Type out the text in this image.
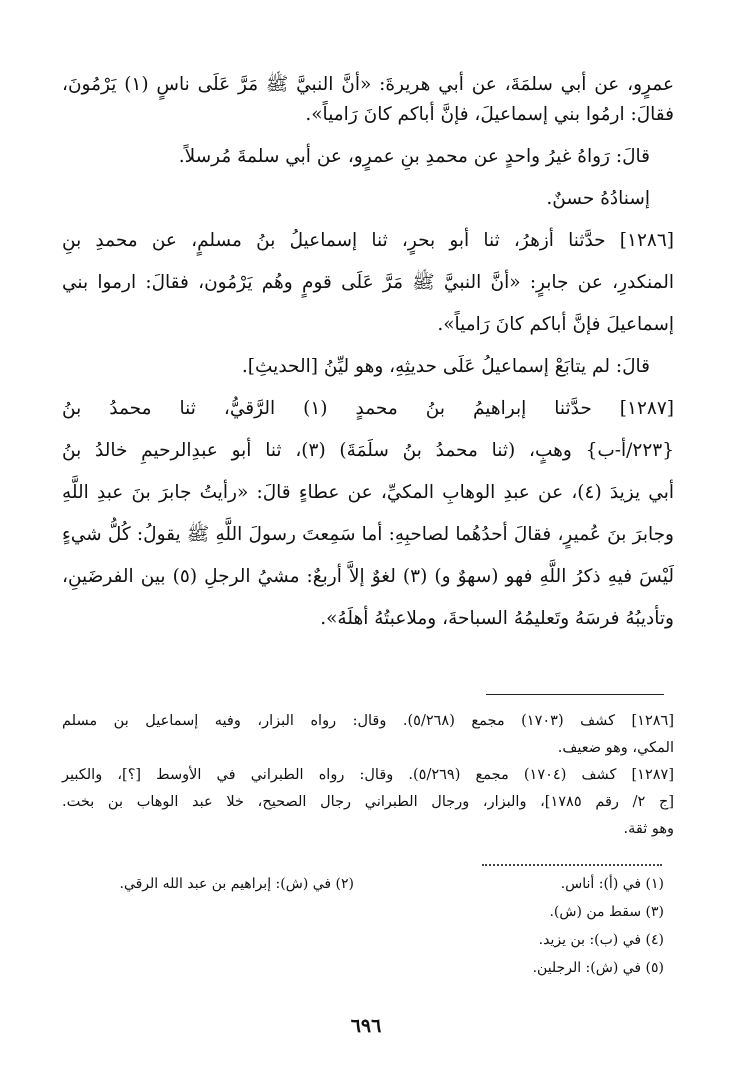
عمرٍو، عن أبي سلمَةَ، عن أبي هريرةَ: «أنَّ النبيَّ ﷺ مَرَّ عَلَى ناسٍ (١) يَرْمُونَ،
فقالَ: ارمُوا بني إسماعيلَ، فإنَّ أباكم كانَ رَامياً».
قالَ: رَواهُ غيرُ واحدٍ عن محمدِ بنِ عمرٍو، عن أبي سلمةَ مُرسلاً.
إسنادُهُ حسنٌ.
[١٢٨٦] حدَّثنا أزهرُ، ثنا أبو بحرٍ، ثنا إسماعيلُ بنُ مسلمٍ، عن محمدِ بنِ
المنكدرِ، عن جابرٍ: «أنَّ النبيَّ ﷺ مَرَّ عَلَى قومٍ وهُم يَرْمُون، فقالَ: ارموا بني
إسماعيلَ فإنَّ أباكم كانَ رَامياً».
قالَ: لم يتابَعْ إسماعيلُ عَلَى حديثِهِ، وهو ليِّنُ [الحديثِ].
[١٢٨٧] حدَّثنا إبراهيمُ بنُ محمدٍ (١) الرَّقيُّ، ثنا محمدُ بنُ
{٢٢٣/أ-ب} وهبٍ، (ثنا محمدُ بنُ سلَمَةَ) (٣)، ثنا أبو عبدِالرحيمِ خالدُ بنُ
أبي يزيدَ (٤)، عن عبدِ الوهابِ المكيِّ، عن عطاءٍ قالَ: «رأيتُ جابرَ بنَ عبدِ اللَّهِ
وجابرَ بنَ عُميرٍ، فقالَ أحدُهُما لصاحبِهِ: أما سَمِعتَ رسولَ اللَّهِ ﷺ يقولُ: كُلُّ شيءٍ
لَيْسَ فيهِ ذكرُ اللَّهِ فهو (سهوٌ و) (٣) لغوٌ إلاَّ أربعٌ: مشيُ الرجلِ (٥) بين الفرضَينِ،
وتأديبُهُ فرسَهُ وتَعليمُهُ السباحةَ، وملاعبتُهُ أهلَهُ».
[١٢٨٦] كشف (١٧٠٣) مجمع (٥/٢٦٨). وقال: رواه البزار، وفيه إسماعيل بن مسلم
المكي، وهو ضعيف.
[١٢٨٧] كشف (١٧٠٤) مجمع (٥/٢٦٩). وقال: رواه الطبراني في الأوسط [؟]، والكبير
[ج ٢/ رقم ١٧٨٥]، والبزار، ورجال الطبراني رجال الصحيح، خلا عبد الوهاب بن بخت.
وهو ثقة.
(١) في (أ): أناس.
(٢) في (ش): إبراهيم بن عبد الله الرقي.
(٣) سقط من (ش).
(٤) في (ب): بن يزيد.
(٥) في (ش): الرجلين.
٦٩٦
